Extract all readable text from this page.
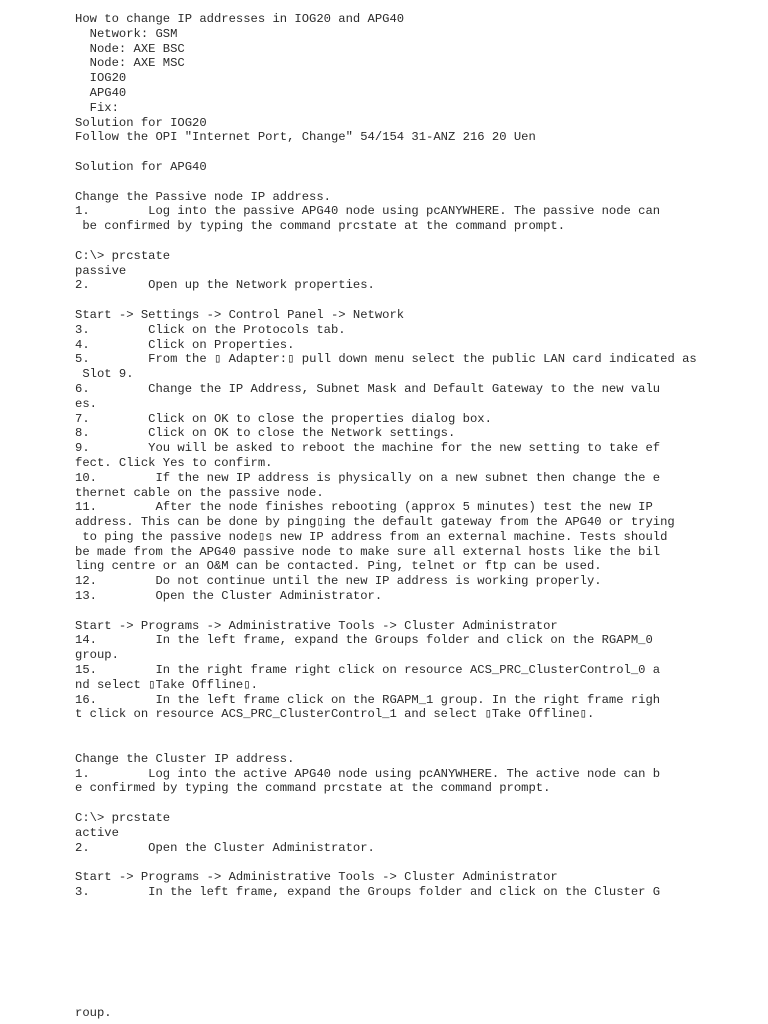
How to change IP addresses in IOG20 and APG40
Network: GSM
Node: AXE BSC
Node: AXE MSC
IOG20
APG40
Fix:
Solution for IOG20
Follow the OPI "Internet Port, Change" 54/154 31-ANZ 216 20 Uen
Solution for APG40
Change the Passive node IP address.
1.        Log into the passive APG40 node using pcANYWHERE. The passive node can
be confirmed by typing the command prcstate at the command prompt.
C:\> prcstate
passive
2.        Open up the Network properties.
Start -> Settings -> Control Panel -> Network
3.        Click on the Protocols tab.
4.        Click on Properties.
5.        From the ▯ Adapter:▯ pull down menu select the public LAN card indicated as
Slot 9.
6.        Change the IP Address, Subnet Mask and Default Gateway to the new valu
es.
7.        Click on OK to close the properties dialog box.
8.        Click on OK to close the Network settings.
9.        You will be asked to reboot the machine for the new setting to take ef
fect. Click Yes to confirm.
10.        If the new IP address is physically on a new subnet then change the e
thernet cable on the passive node.
11.        After the node finishes rebooting (approx 5 minutes) test the new IP
address. This can be done by ping▯ing the default gateway from the APG40 or trying
to ping the passive node▯s new IP address from an external machine. Tests should
be made from the APG40 passive node to make sure all external hosts like the bil
ling centre or an O&M can be contacted. Ping, telnet or ftp can be used.
12.        Do not continue until the new IP address is working properly.
13.        Open the Cluster Administrator.
Start -> Programs -> Administrative Tools -> Cluster Administrator
14.        In the left frame, expand the Groups folder and click on the RGAPM_0
group.
15.        In the right frame right click on resource ACS_PRC_ClusterControl_0 a
nd select ▯Take Offline▯.
16.        In the left frame click on the RGAPM_1 group. In the right frame righ
t click on resource ACS_PRC_ClusterControl_1 and select ▯Take Offline▯.
Change the Cluster IP address.
1.        Log into the active APG40 node using pcANYWHERE. The active node can b
e confirmed by typing the command prcstate at the command prompt.
C:\> prcstate
active
2.        Open the Cluster Administrator.
Start -> Programs -> Administrative Tools -> Cluster Administrator
3.        In the left frame, expand the Groups folder and click on the Cluster G
roup.
